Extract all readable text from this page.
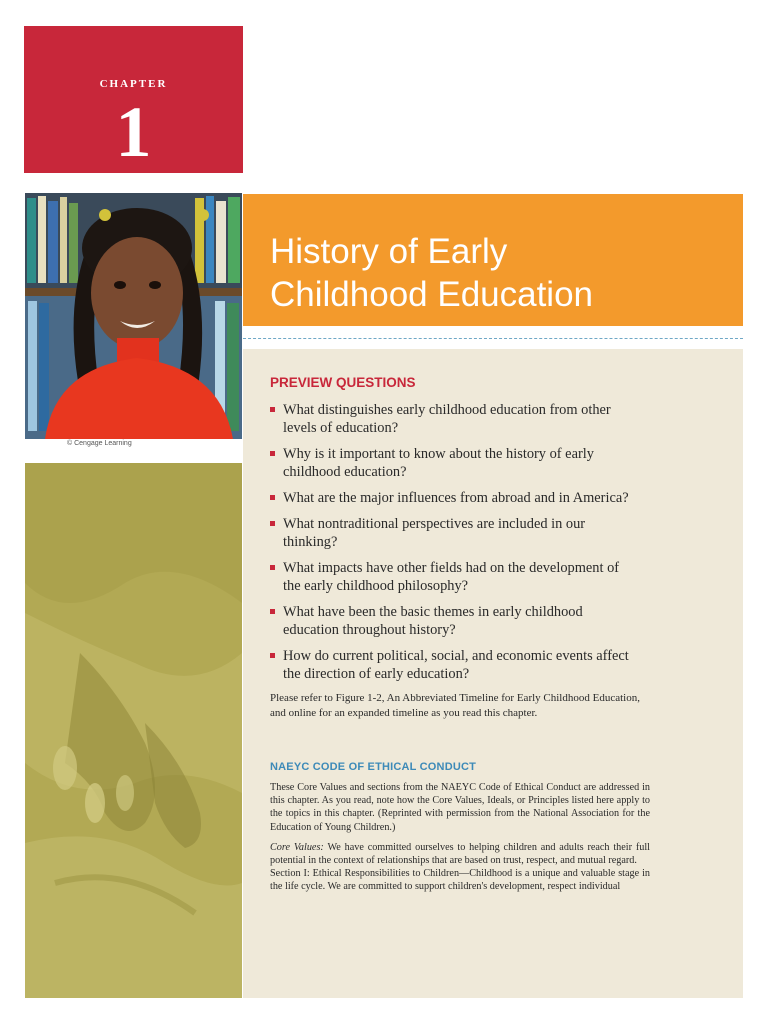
CHAPTER
1
© Cengage Learning
History of Early
Childhood Education
PREVIEW QUESTIONS
What distinguishes early childhood education from other levels of education?
Why is it important to know about the history of early childhood education?
What are the major influences from abroad and in America?
What nontraditional perspectives are included in our thinking?
What impacts have other fields had on the development of the early childhood philosophy?
What have been the basic themes in early childhood education throughout history?
How do current political, social, and economic events affect the direction of early education?

Please refer to Figure 1-2, An Abbreviated Timeline for Early Childhood Education, and online for an expanded timeline as you read this chapter.

NAEYC CODE OF ETHICAL CONDUCT

These Core Values and sections from the NAEYC Code of Ethical Conduct are addressed in this chapter. As you read, note how the Core Values, Ideals, or Principles listed here apply to the topics in this chapter. (Reprinted with permission from the National Association for the Education of Young Children.)

Core Values: We have committed ourselves to helping children and adults reach their full potential in the context of relationships that are based on trust, respect, and mutual regard.

Section I: Ethical Responsibilities to Children—Childhood is a unique and valuable stage in the life cycle. We are committed to support children's development, respect individual
